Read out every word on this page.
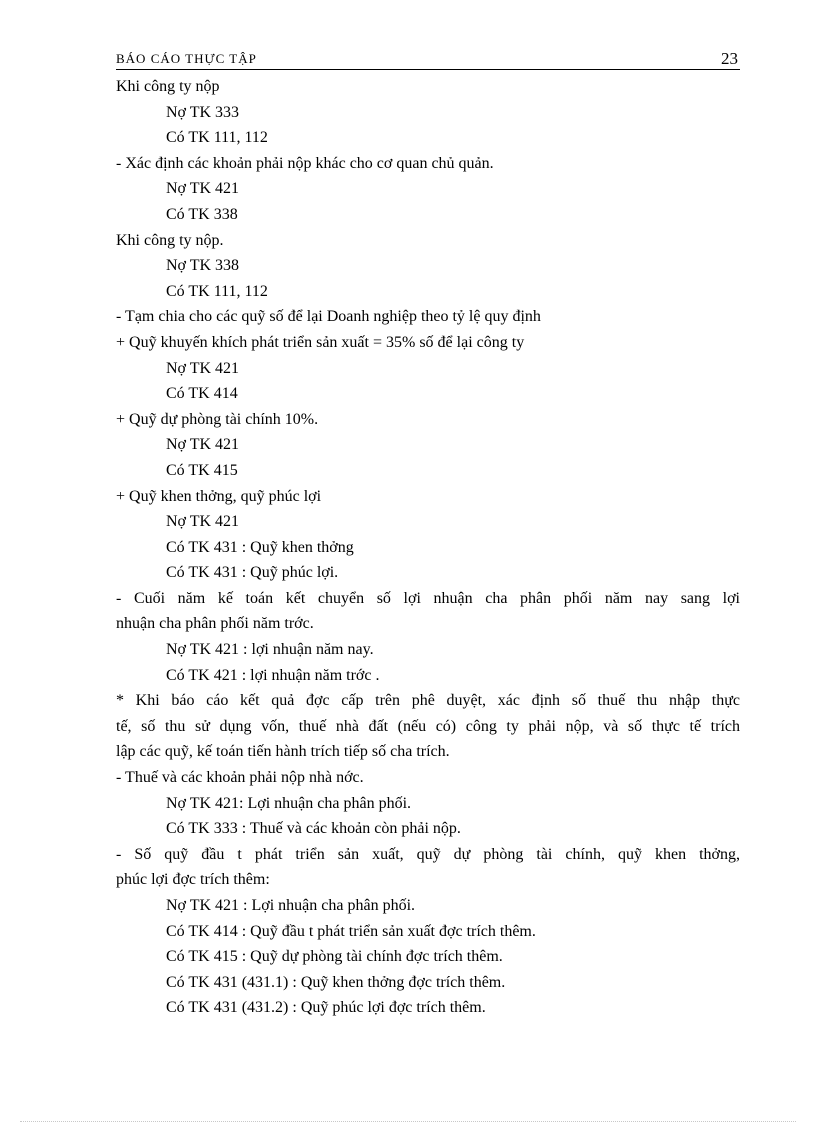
BÁO CÁO THỰC TẬP	23
Khi công ty nộp
Nợ TK 333
Có TK 111, 112
- Xác định các khoản phải nộp khác cho cơ quan chủ quản.
Nợ TK 421
Có TK 338
Khi công ty nộp.
Nợ TK 338
Có TK 111, 112
- Tạm chia cho các quỹ số để lại Doanh nghiệp theo tỷ lệ quy định
+ Quỹ khuyến khích phát triển sản xuất = 35% số để lại công ty
Nợ TK 421
Có TK 414
+ Quỹ dự phòng tài chính 10%.
Nợ TK 421
Có TK 415
+ Quỹ khen thởng, quỹ phúc lợi
Nợ TK 421
Có TK 431 : Quỹ khen thởng
Có TK 431 : Quỹ phúc lợi.
- Cuối năm kế toán kết chuyển số lợi nhuận cha phân phối năm nay sang lợi
nhuận cha phân phối năm trớc.
Nợ TK 421 : lợi nhuận năm nay.
Có TK 421 : lợi nhuận năm trớc .
* Khi báo cáo kết quả đợc cấp trên phê duyệt, xác định số thuế thu nhập thực
tế, số thu sử dụng vốn, thuế nhà đất (nếu có) công ty phải nộp, và số thực tế trích
lập các quỹ, kế toán tiến hành trích tiếp số cha trích.
- Thuế và các khoản phải nộp nhà nớc.
Nợ TK 421: Lợi nhuận cha phân phối.
Có TK 333 : Thuế và các khoản còn phải nộp.
- Số quỹ đầu t phát triển sản xuất, quỹ dự phòng tài chính, quỹ khen thởng,
phúc lợi đợc trích thêm:
Nợ TK 421 : Lợi nhuận cha phân phối.
Có TK 414 : Quỹ đầu t phát triển sản xuất đợc trích thêm.
Có TK 415 : Quỹ dự phòng tài chính đợc trích thêm.
Có TK 431 (431.1) : Quỹ khen thởng đợc trích thêm.
Có TK 431 (431.2) : Quỹ phúc lợi đợc trích thêm.
